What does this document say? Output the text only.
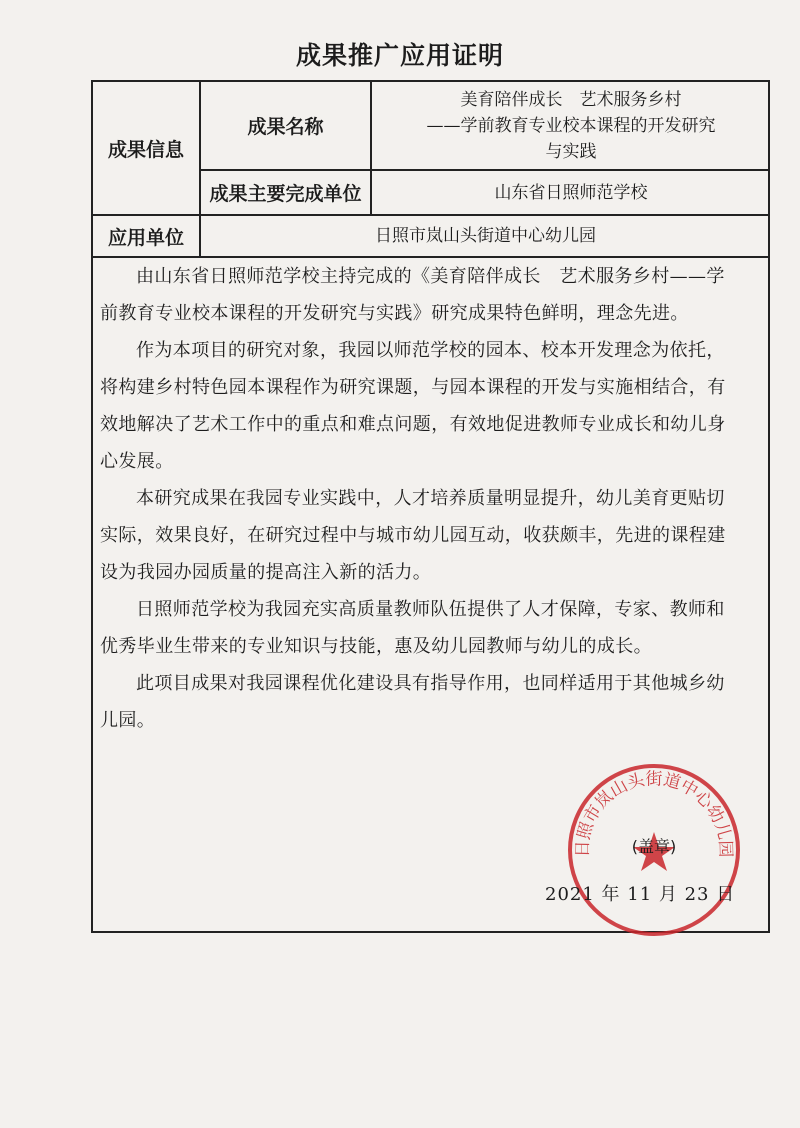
成果推广应用证明
成果信息
成果名称
美育陪伴成长　艺术服务乡村
——学前教育专业校本课程的开发研究
与实践
成果主要完成单位	山东省日照师范学校
应用单位	日照市岚山头街道中心幼儿园

由山东省日照师范学校主持完成的《美育陪伴成长　艺术服务乡村——学前教育专业校本课程的开发研究与实践》研究成果特色鲜明，理念先进。

作为本项目的研究对象，我园以师范学校的园本、校本开发理念为依托，将构建乡村特色园本课程作为研究课题，与园本课程的开发与实施相结合，有效地解决了艺术工作中的重点和难点问题，有效地促进教师专业成长和幼儿身心发展。

本研究成果在我园专业实践中，人才培养质量明显提升，幼儿美育更贴切实际，效果良好，在研究过程中与城市幼儿园互动，收获颇丰，先进的课程建设为我园办园质量的提高注入新的活力。

日照师范学校为我园充实高质量教师队伍提供了人才保障，专家、教师和优秀毕业生带来的专业知识与技能，惠及幼儿园教师与幼儿的成长。

此项目成果对我园课程优化建设具有指导作用，也同样适用于其他城乡幼儿园。

日照市岚山头街道中心幼儿园
(盖章)
2021 年 11 月 23 日
